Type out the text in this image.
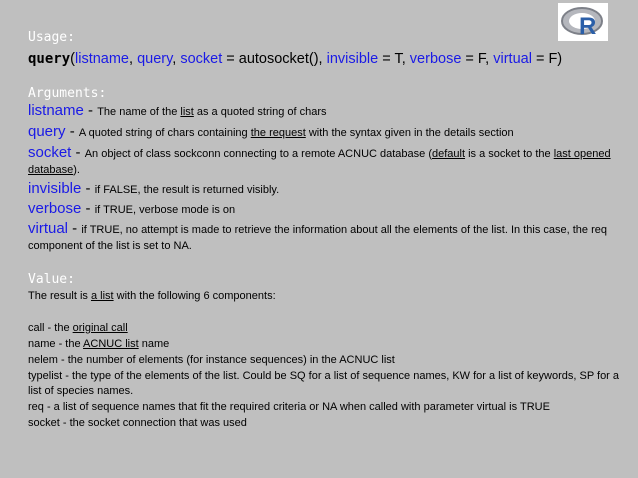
R
Usage:
query(listname, query, socket = autosocket(), invisible = T, verbose = F, virtual = F)
Arguments:
listname - The name of the list as a quoted string of chars
query - A quoted string of chars containing the request with the syntax given in the details section
socket - An object of class sockconn connecting to a remote ACNUC database (default is a socket to the last opened database).
invisible - if FALSE, the result is returned visibly.
verbose - if TRUE, verbose mode is on
virtual - if TRUE, no attempt is made to retrieve the information about all the elements of the list. In this case, the req component of the list is set to NA.
Value:
The result is a list with the following 6 components:
call - the original call
name - the ACNUC list name
nelem - the number of elements (for instance sequences) in the ACNUC list
typelist - the type of the elements of the list. Could be SQ for a list of sequence names, KW for a list of keywords, SP for a list of species names.
req - a list of sequence names that fit the required criteria or NA when called with parameter virtual is TRUE
socket - the socket connection that was used
